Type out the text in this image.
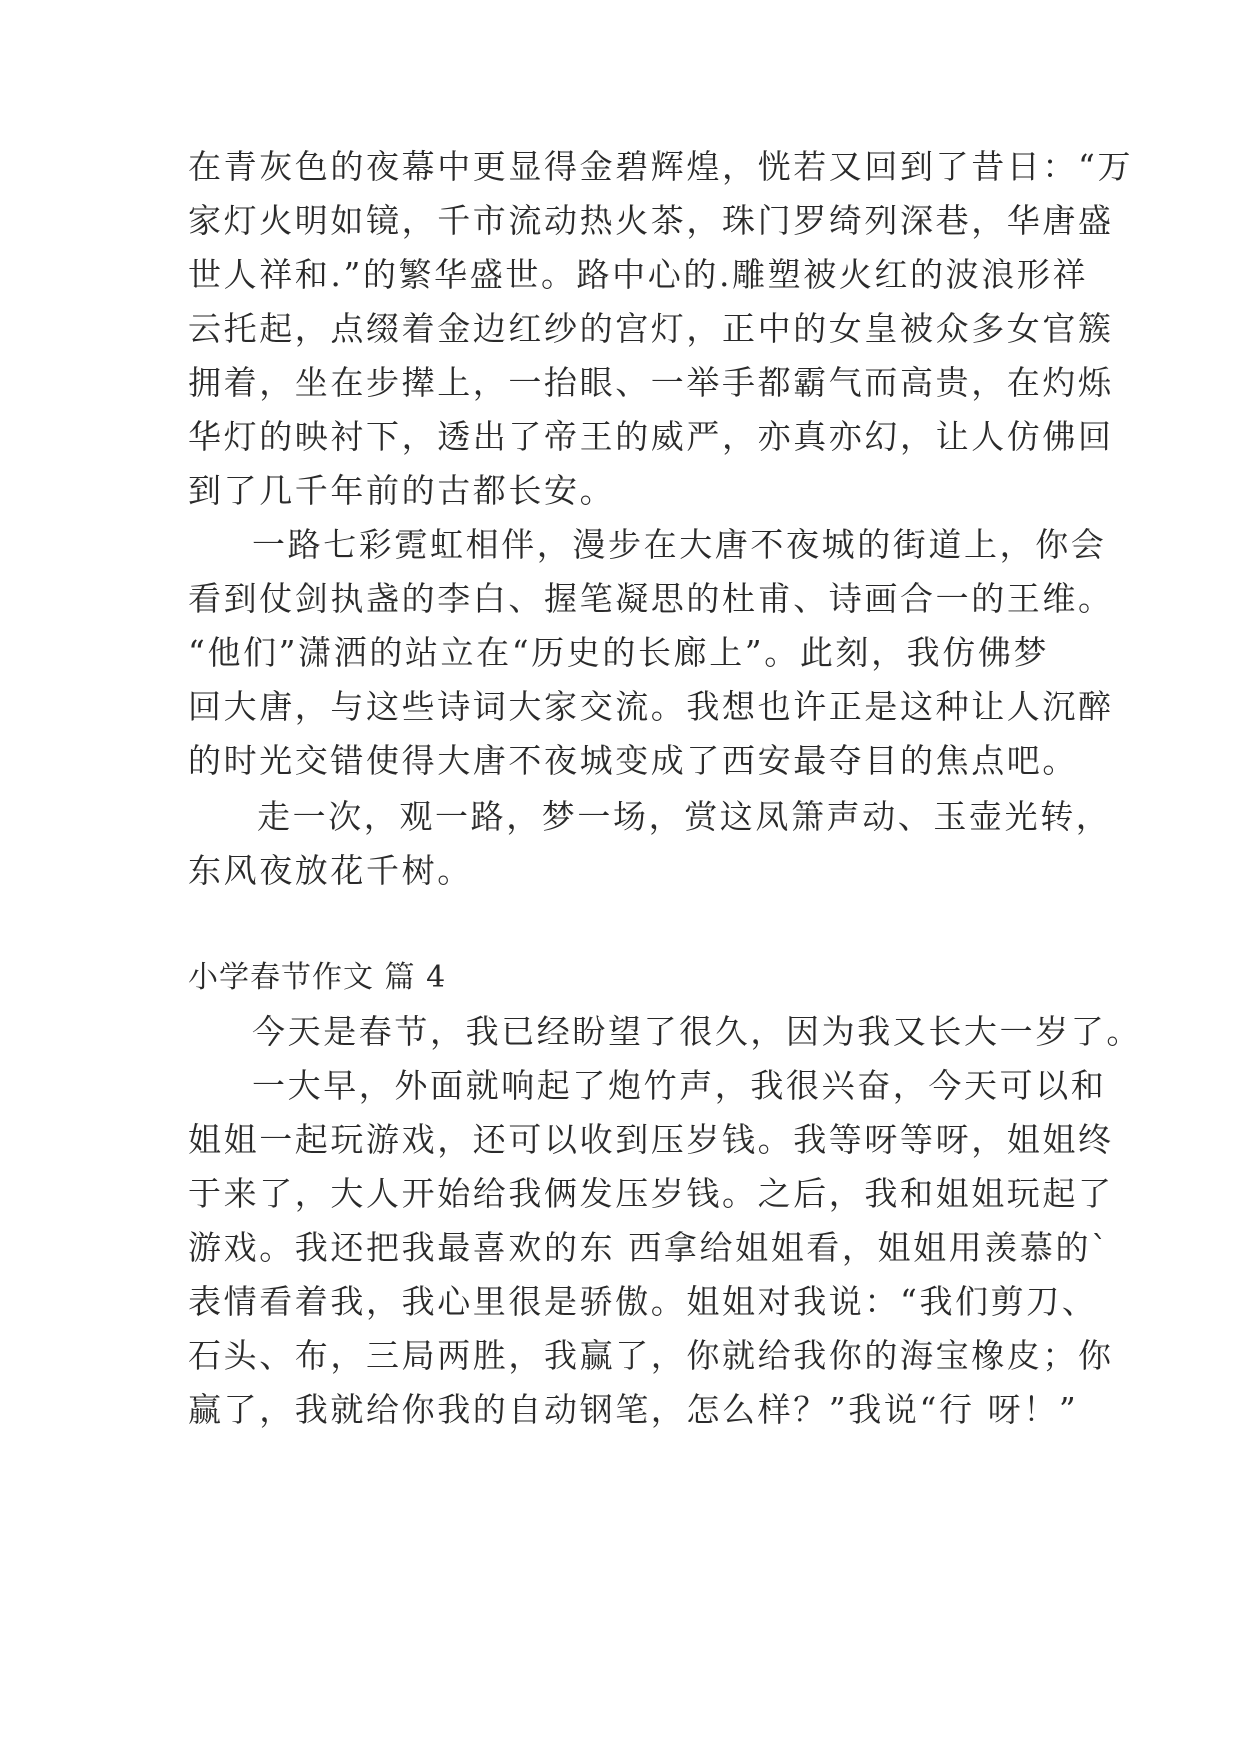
在青灰色的夜幕中更显得金碧辉煌，恍若又回到了昔日：“万
家灯火明如镜，千市流动热火茶，珠门罗绮列深巷，华唐盛
世人祥和.”的繁华盛世。路中心的.雕塑被火红的波浪形祥
云托起，点缀着金边红纱的宫灯，正中的女皇被众多女官簇
拥着，坐在步撵上，一抬眼、一举手都霸气而高贵，在灼烁
华灯的映衬下，透出了帝王的威严，亦真亦幻，让人仿佛回
到了几千年前的古都长安。
一路七彩霓虹相伴，漫步在大唐不夜城的街道上，你会
看到仗剑执盏的李白、握笔凝思的杜甫、诗画合一的王维。
“他们”潇洒的站立在“历史的长廊上”。此刻，我仿佛梦
回大唐，与这些诗词大家交流。我想也许正是这种让人沉醉
的时光交错使得大唐不夜城变成了西安最夺目的焦点吧。
走一次，观一路，梦一场，赏这凤箫声动、玉壶光转，
东风夜放花千树。
小学春节作文 篇 4
今天是春节，我已经盼望了很久，因为我又长大一岁了。
一大早，外面就响起了炮竹声，我很兴奋，今天可以和
姐姐一起玩游戏，还可以收到压岁钱。我等呀等呀，姐姐终
于来了，大人开始给我俩发压岁钱。之后，我和姐姐玩起了
游戏。我还把我最喜欢的东 西拿给姐姐看，姐姐用羡慕的`
表情看着我，我心里很是骄傲。姐姐对我说：“我们剪刀、
石头、布，三局两胜，我赢了，你就给我你的海宝橡皮；你
赢了，我就给你我的自动钢笔，怎么样？”我说“行 呀！”
